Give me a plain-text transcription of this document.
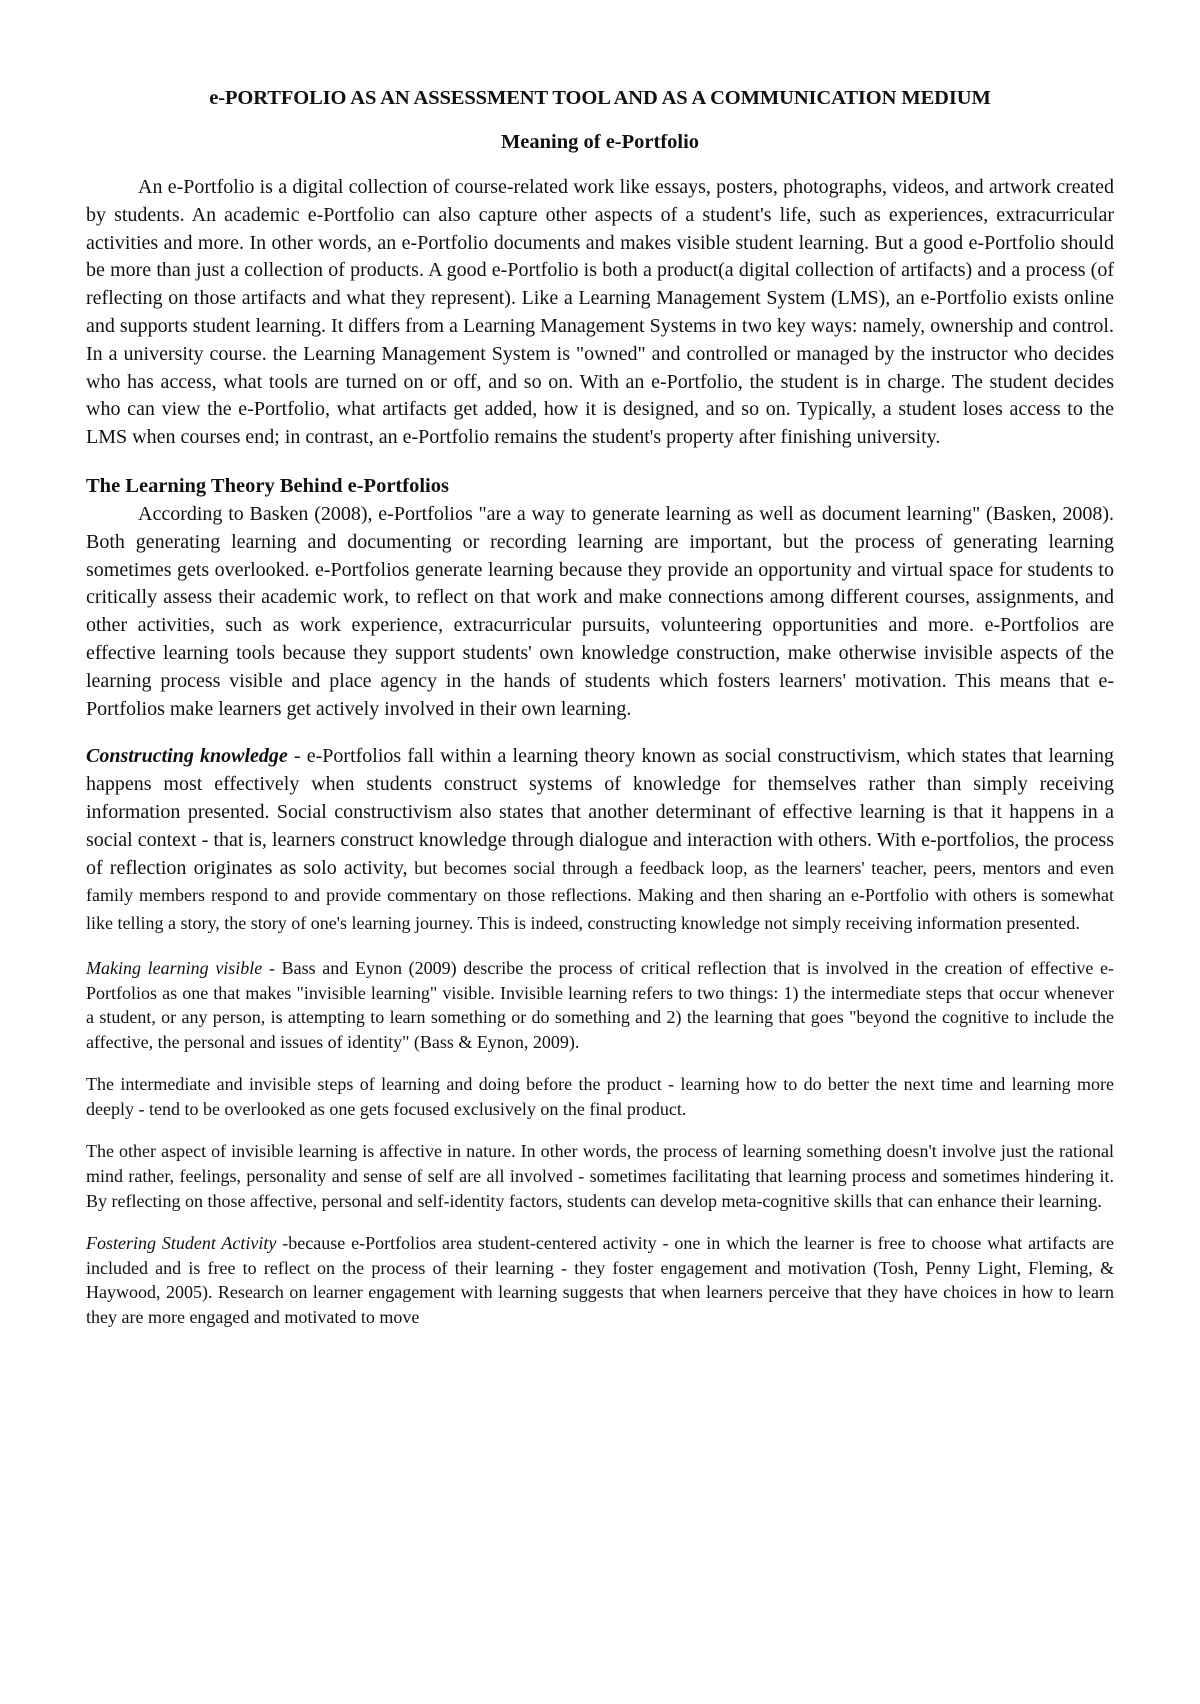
e-PORTFOLIO AS AN ASSESSMENT TOOL AND AS A COMMUNICATION MEDIUM
Meaning of e-Portfolio

An e-Portfolio is a digital collection of course-related work like essays, posters, photographs, videos, and artwork created by students. An academic e-Portfolio can also capture other aspects of a student's life, such as experiences, extracurricular activities and more. In other words, an e-Portfolio documents and makes visible student learning. But a good e-Portfolio should be more than just a collection of products. A good e-Portfolio is both a product(a digital collection of artifacts) and a process (of reflecting on those artifacts and what they represent). Like a Learning Management System (LMS), an e-Portfolio exists online and supports student learning. It differs from a Learning Management Systems in two key ways: namely, ownership and control. In a university course. the Learning Management System is "owned" and controlled or managed by the instructor who decides who has access, what tools are turned on or off, and so on. With an e-Portfolio, the student is in charge. The student decides who can view the e-Portfolio, what artifacts get added, how it is designed, and so on. Typically, a student loses access to the LMS when courses end; in contrast, an e-Portfolio remains the student's property after finishing university.

The Learning Theory Behind e-Portfolios

According to Basken (2008), e-Portfolios "are a way to generate learning as well as document learning" (Basken, 2008). Both generating learning and documenting or recording learning are important, but the process of generating learning sometimes gets overlooked. e-Portfolios generate learning because they provide an opportunity and virtual space for students to critically assess their academic work, to reflect on that work and make connections among different courses, assignments, and other activities, such as work experience, extracurricular pursuits, volunteering opportunities and more. e-Portfolios are effective learning tools because they support students' own knowledge construction, make otherwise invisible aspects of the learning process visible and place agency in the hands of students which fosters learners' motivation. This means that e-Portfolios make learners get actively involved in their own learning.

Constructing knowledge - e-Portfolios fall within a learning theory known as social constructivism, which states that learning happens most effectively when students construct systems of knowledge for themselves rather than simply receiving information presented. Social constructivism also states that another determinant of effective learning is that it happens in a social context - that is, learners construct knowledge through dialogue and interaction with others. With e-portfolios, the process of reflection originates as solo activity, but becomes social through a feedback loop, as the learners' teacher, peers, mentors and even family members respond to and provide commentary on those reflections. Making and then sharing an e-Portfolio with others is somewhat like telling a story, the story of one's learning journey. This is indeed, constructing knowledge not simply receiving information presented.

Making learning visible - Bass and Eynon (2009) describe the process of critical reflection that is involved in the creation of effective e-Portfolios as one that makes "invisible learning" visible. Invisible learning refers to two things: 1) the intermediate steps that occur whenever a student, or any person, is attempting to learn something or do something and 2) the learning that goes "beyond the cognitive to include the affective, the personal and issues of identity" (Bass & Eynon, 2009).

The intermediate and invisible steps of learning and doing before the product - learning how to do better the next time and learning more deeply - tend to be overlooked as one gets focused exclusively on the final product.

The other aspect of invisible learning is affective in nature. In other words, the process of learning something doesn't involve just the rational mind rather, feelings, personality and sense of self are all involved - sometimes facilitating that learning process and sometimes hindering it. By reflecting on those affective, personal and self-identity factors, students can develop meta-cognitive skills that can enhance their learning.

Fostering Student Activity -because e-Portfolios area student-centered activity - one in which the learner is free to choose what artifacts are included and is free to reflect on the process of their learning - they foster engagement and motivation (Tosh, Penny Light, Fleming, & Haywood, 2005). Research on learner engagement with learning suggests that when learners perceive that they have choices in how to learn they are more engaged and motivated to move
